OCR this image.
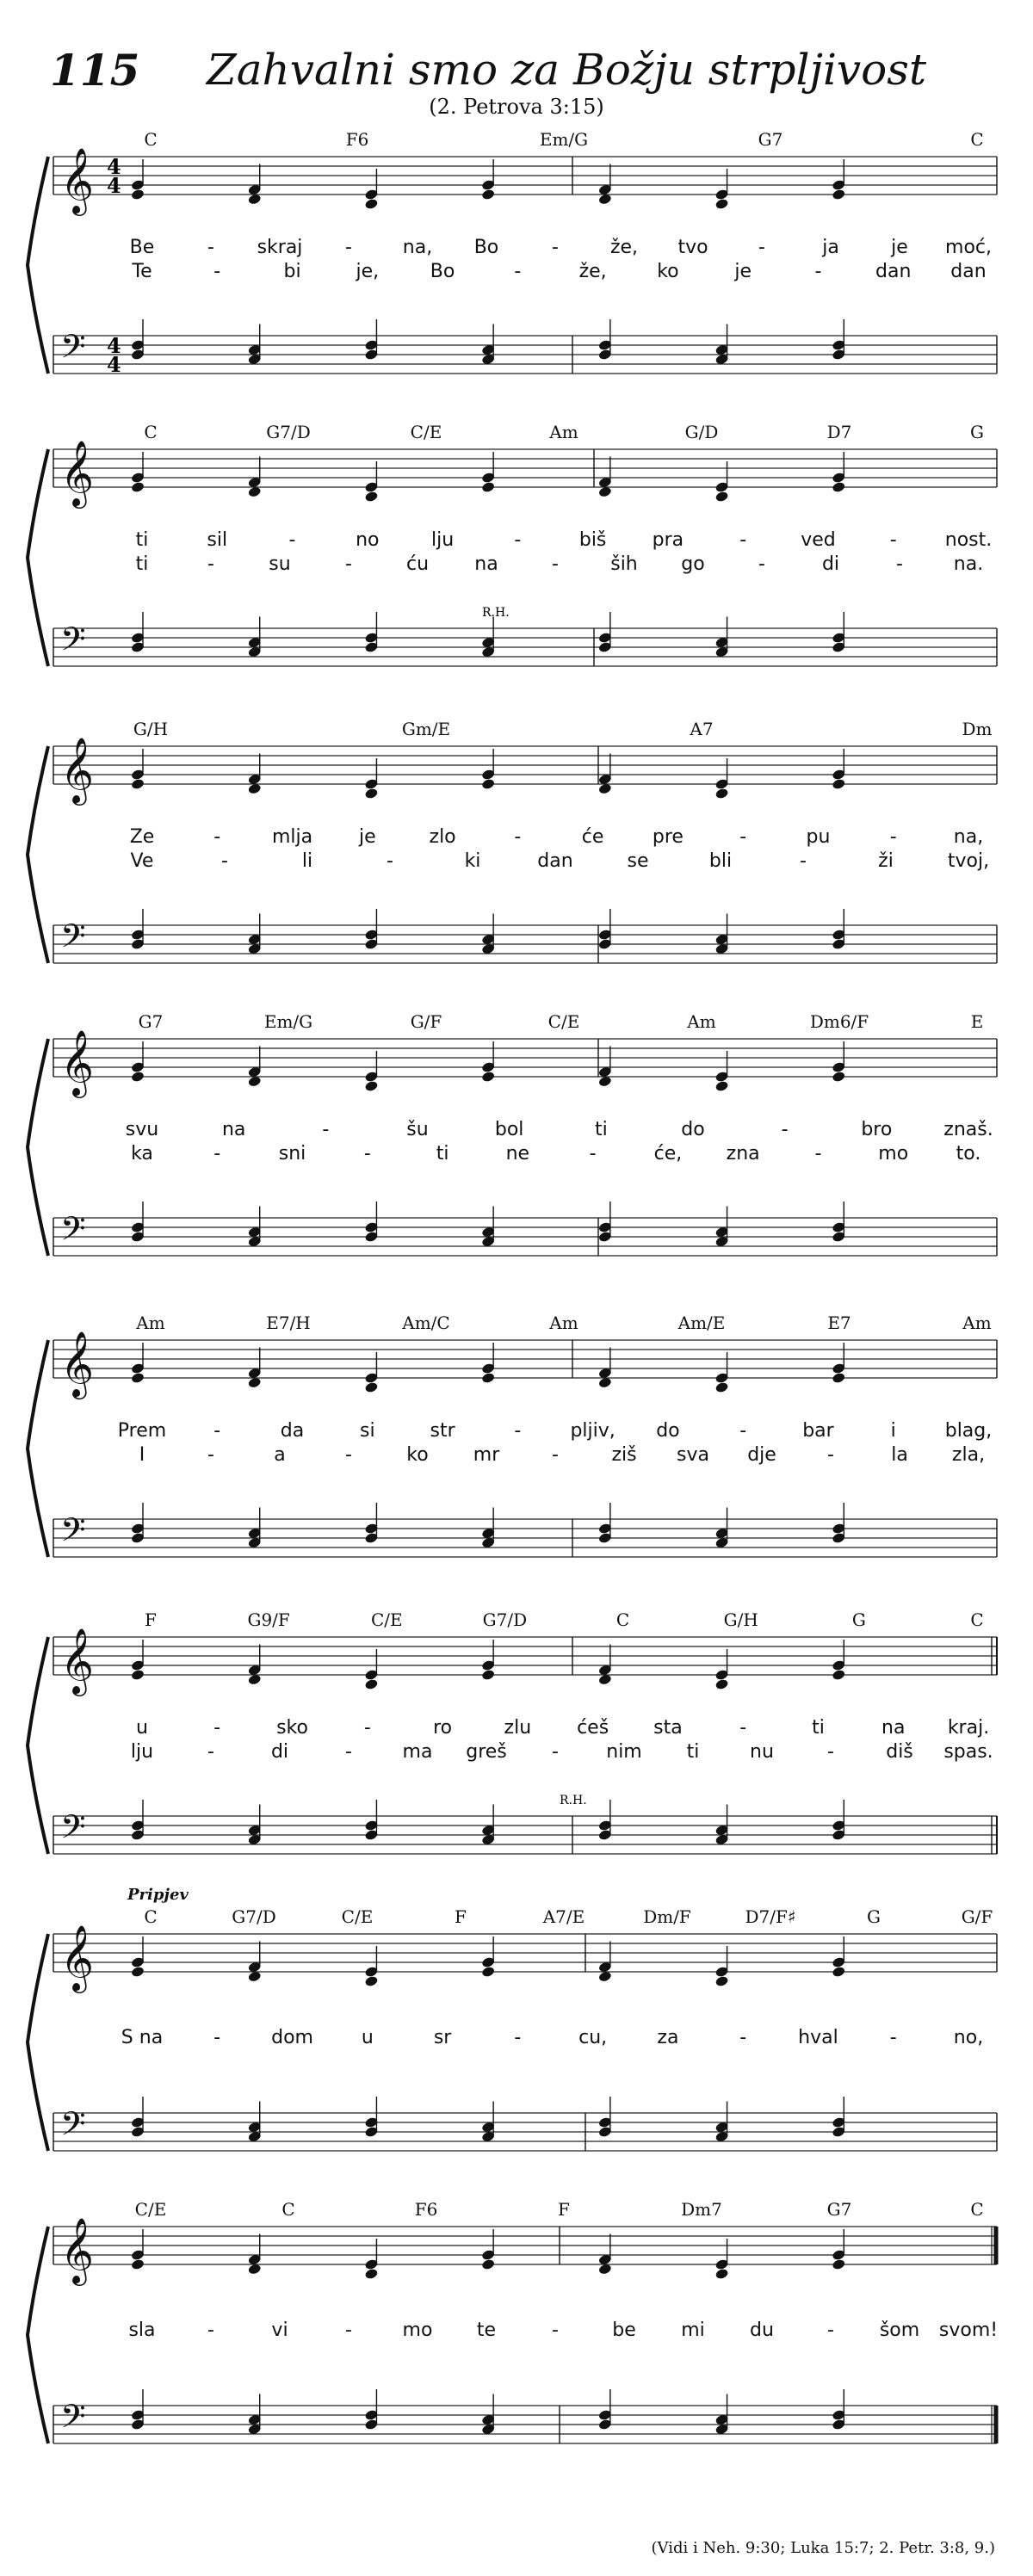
115 Zahvalni smo za Božju strpljivost
(2. Petrova 3:15)
C	F6	Em/G	G7	C
𝄞 4
4
𝄢 4
4
Be	- skraj -	na, Bo	-	že, tvo	-	ja	je moć,
Te	-	bi	je,	Bo	-	že,	ko	je	-	dan dan
C	G7/D	C/E	Am	G/D	D7	G
𝄞
𝄢
R.H.
ti	sil	-	no	lju	-	biš pra	-	ved	-	nost.
ti	-	su	-	ću na	-	ših go	-	di	-	na.
G/H	Gm/E	A7	Dm
𝄞
𝄢
Ze	-	mlja je	zlo	-	će	pre	-	pu	-	na,
Ve	-	li	-	ki	dan	se	bli	-	ži	tvoj,
G7	Em/G	G/F	C/E	Am	Dm6/F	E
𝄞
𝄢
svu	na	-	šu	bol	ti	do	-	bro	znaš.
ka	-	sni	-	ti	ne	-	će, zna	-	mo	to.
Am	E7/H	Am/C	Am	Am/E	E7	Am
𝄞
𝄢
Prem	-	da	si	str	-	pljiv, do	-	bar	i	blag,
I	-	a	-	ko mr	-	ziš sva dje	-	la zla,
F	G9/F	C/E	G7/D	C	G/H	G	C
𝄞
𝄢
R.H.
u	-	sko	-	ro	zlu ćeš sta	-	ti	na kraj.
lju	-	di	-	ma greš -	nim ti	nu	-	diš spas.
Pripjev
C	G7/D	C/E	F	A7/E	Dm/F	D7/F♯	G	G/F
𝄞
𝄢
S na	-	dom	u	sr	-	cu,	za	-	hval	-	no,
C/E	C	F6	F	Dm7	G7	C
𝄞
𝄢
sla	-	vi	-	mo te	-	be mi du	- šom svom!
(Vidi i Neh. 9:30; Luka 15:7; 2. Petr. 3:8, 9.)
